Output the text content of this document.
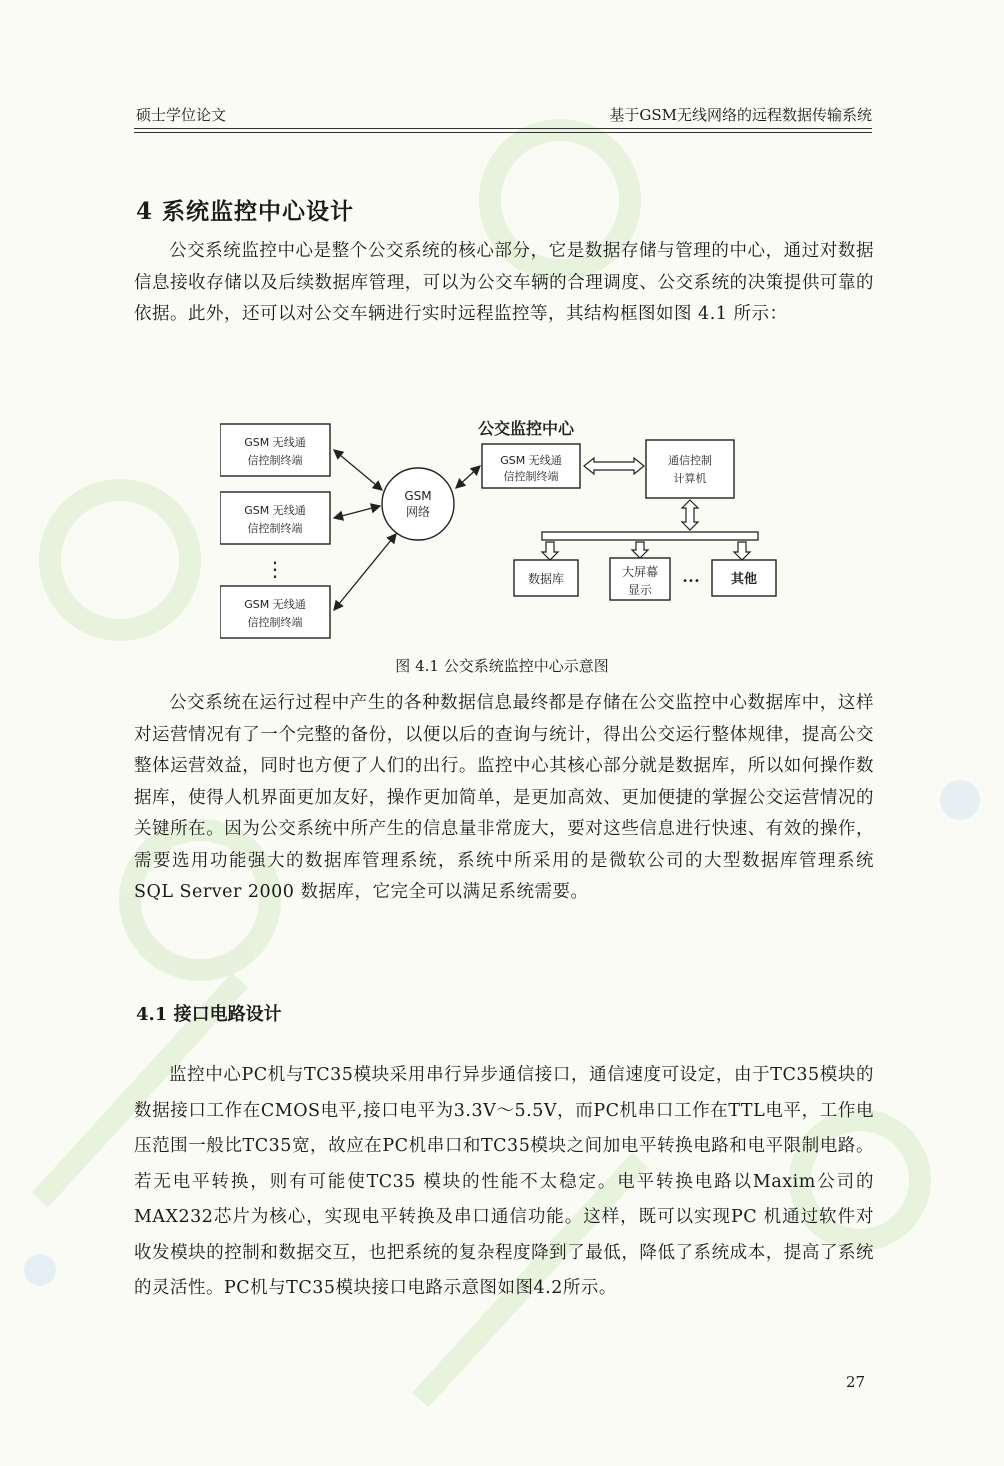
硕士学位论文	基于GSM无线网络的远程数据传输系统
4 系统监控中心设计

公交系统监控中心是整个公交系统的核心部分，它是数据存储与管理的中心，通过对数据信息接收存储以及后续数据库管理，可以为公交车辆的合理调度、公交系统的决策提供可靠的依据。此外，还可以对公交车辆进行实时远程监控等，其结构框图如图 4.1 所示：

GSM 无线通
信控制终端
GSM 无线通
信控制终端
GSM 无线通
信控制终端
⋮
GSM
网络
GSM 无线通
信控制终端
通信控制
计算机
数据库	大屏幕
显示
••• 其他
公交监控中心
图 4.1 公交系统监控中心示意图

公交系统在运行过程中产生的各种数据信息最终都是存储在公交监控中心数据库中，这样对运营情况有了一个完整的备份，以便以后的查询与统计，得出公交运行整体规律，提高公交整体运营效益，同时也方便了人们的出行。监控中心其核心部分就是数据库，所以如何操作数据库，使得人机界面更加友好，操作更加简单，是更加高效、更加便捷的掌握公交运营情况的关键所在。因为公交系统中所产生的信息量非常庞大，要对这些信息进行快速、有效的操作，需要选用功能强大的数据库管理系统，系统中所采用的是微软公司的大型数据库管理系统 SQL Server 2000 数据库，它完全可以满足系统需要。

4.1 接口电路设计

监控中心PC机与TC35模块采用串行异步通信接口，通信速度可设定，由于TC35模块的数据接口工作在CMOS电平,接口电平为3.3V～5.5V，而PC机串口工作在TTL电平，工作电压范围一般比TC35宽，故应在PC机串口和TC35模块之间加电平转换电路和电平限制电路。若无电平转换，则有可能使TC35 模块的性能不太稳定。电平转换电路以Maxim公司的MAX232芯片为核心，实现电平转换及串口通信功能。这样，既可以实现PC 机通过软件对收发模块的控制和数据交互，也把系统的复杂程度降到了最低，降低了系统成本，提高了系统的灵活性。PC机与TC35模块接口电路示意图如图4.2所示。

27
